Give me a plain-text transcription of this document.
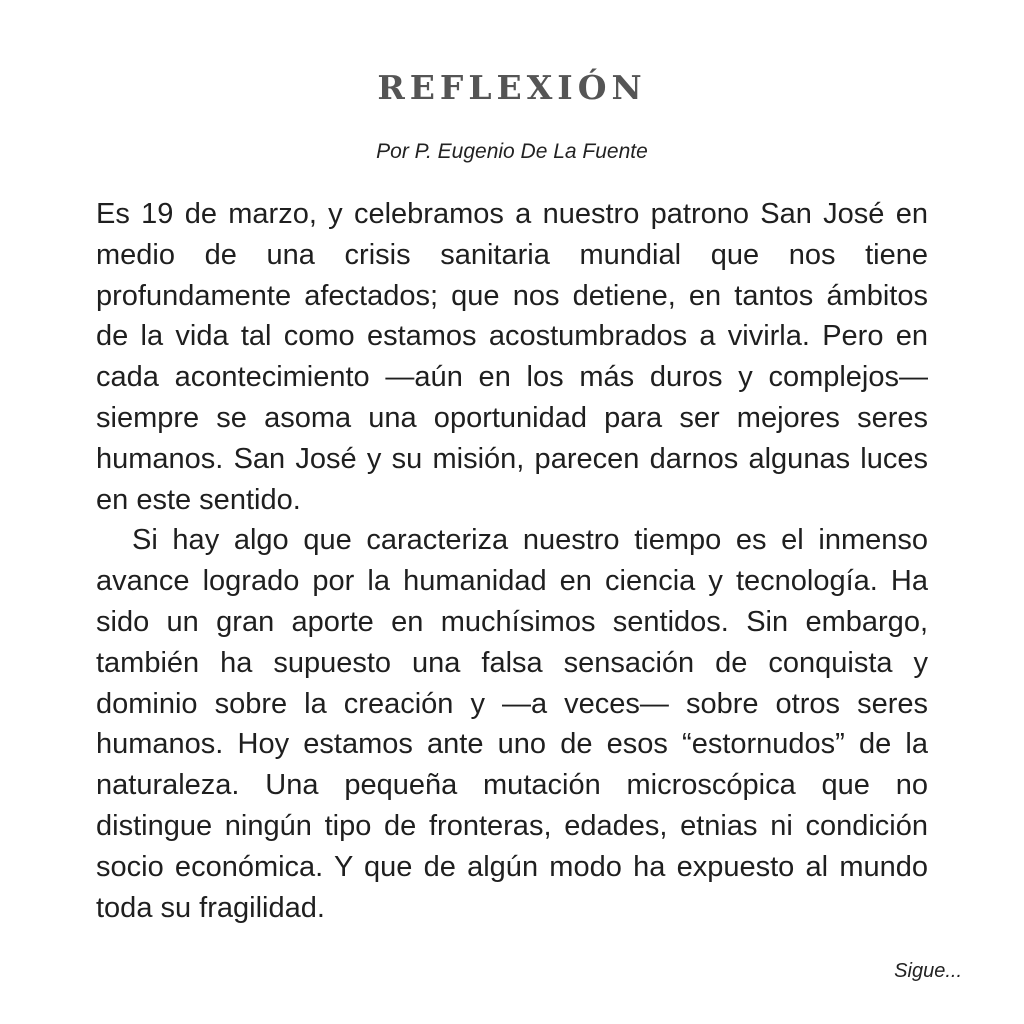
REFLEXIÓN

Por P. Eugenio De La Fuente

Es 19 de marzo, y celebramos a nuestro patrono San José en medio de una crisis sanitaria mundial que nos tiene profundamente afectados; que nos detiene, en tantos ámbitos de la vida tal como estamos acostumbrados a vivirla. Pero en cada acontecimiento —aún en los más duros y complejos— siempre se asoma una oportunidad para ser mejores seres humanos. San José y su misión, parecen darnos algunas luces en este sentido.

Si hay algo que caracteriza nuestro tiempo es el inmenso avance logrado por la humanidad en ciencia y tecnología. Ha sido un gran aporte en muchísimos sentidos. Sin embargo, también ha supuesto una falsa sensación de conquista y dominio sobre la creación y —a veces— sobre otros seres humanos. Hoy estamos ante uno de esos “estornudos” de la naturaleza. Una pequeña mutación microscópica que no distingue ningún tipo de fronteras, edades, etnias ni condición socio económica. Y que de algún modo ha expuesto al mundo toda su fragilidad.

Sigue...
